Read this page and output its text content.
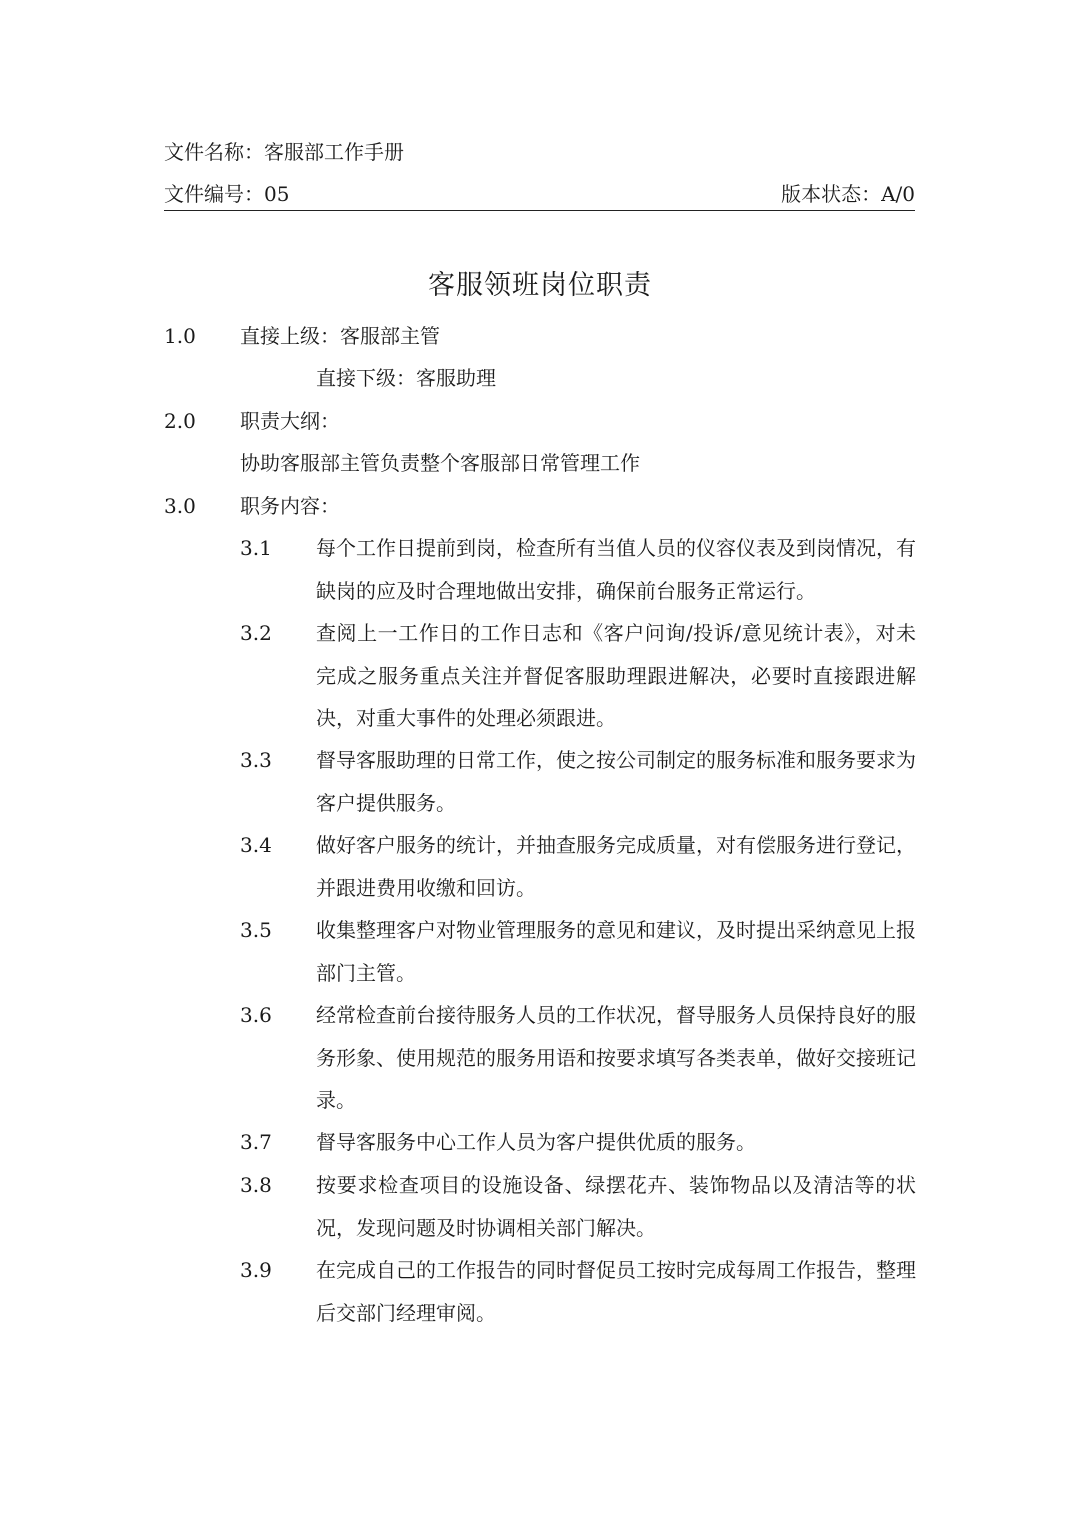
文件名称：客服部工作手册
文件编号：05	版本状态：A/0
客服领班岗位职责
1.0 直接上级：客服部主管
直接下级：客服助理
2.0 职责大纲：
协助客服部主管负责整个客服部日常管理工作
3.0 职务内容：
3.1 每个工作日提前到岗，检查所有当值人员的仪容仪表及到岗情况，有缺岗的应及时合理地做出安排，确保前台服务正常运行。
3.2 查阅上一工作日的工作日志和《客户问询/投诉/意见统计表》，对未完成之服务重点关注并督促客服助理跟进解决，必要时直接跟进解决，对重大事件的处理必须跟进。
3.3 督导客服助理的日常工作，使之按公司制定的服务标准和服务要求为客户提供服务。
3.4 做好客户服务的统计，并抽查服务完成质量，对有偿服务进行登记，并跟进费用收缴和回访。
3.5 收集整理客户对物业管理服务的意见和建议，及时提出采纳意见上报部门主管。
3.6 经常检查前台接待服务人员的工作状况，督导服务人员保持良好的服务形象、使用规范的服务用语和按要求填写各类表单，做好交接班记录。
3.7 督导客服务中心工作人员为客户提供优质的服务。
3.8 按要求检查项目的设施设备、绿摆花卉、装饰物品以及清洁等的状况，发现问题及时协调相关部门解决。
3.9 在完成自己的工作报告的同时督促员工按时完成每周工作报告，整理后交部门经理审阅。
